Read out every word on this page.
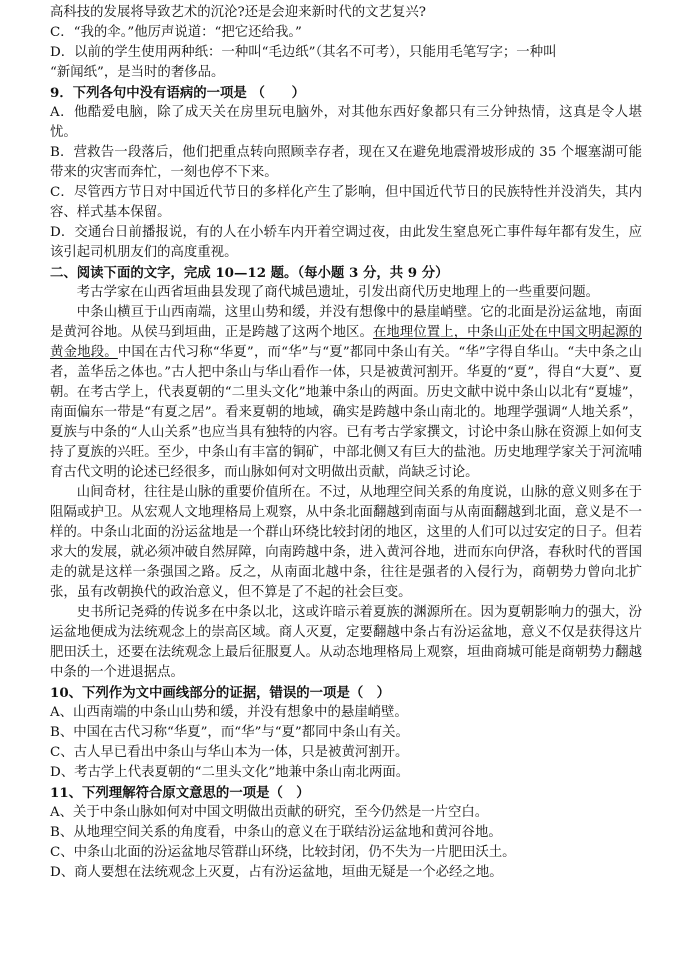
高科技的发展将导致艺术的沉沦?还是会迎来新时代的文艺复兴?

C．“我的伞。”他厉声说道：“把它还给我。”

D．以前的学生使用两种纸：一种叫“毛边纸”（其名不可考），只能用毛笔写字；一种叫

“新闻纸”，是当时的奢侈品。

9．下列各句中没有语病的一项是 （　　）

A．他酷爱电脑，除了成天关在房里玩电脑外，对其他东西好象都只有三分钟热情，这真是令人堪忧。

B．营救告一段落后，他们把重点转向照顾幸存者，现在又在避免地震滑坡形成的 35 个堰塞湖可能带来的灾害而奔忙，一刻也停不下来。

C．尽管西方节日对中国近代节日的多样化产生了影响，但中国近代节日的民族特性并没消失，其内容、样式基本保留。

D．交通台日前播报说，有的人在小轿车内开着空调过夜，由此发生窒息死亡事件每年都有发生，应该引起司机朋友们的高度重视。

二、阅读下面的文字，完成 10—12 题。（每小题 3 分，共 9 分）

考古学家在山西省垣曲县发现了商代城邑遗址，引发出商代历史地理上的一些重要问题。

中条山横亘于山西南端，这里山势和缓，并没有想像中的悬崖峭壁。它的北面是汾运盆地，南面是黄河谷地。从侯马到垣曲，正是跨越了这两个地区。在地理位置上，中条山正处在中国文明起源的黄金地段。中国在古代习称“华夏”，而“华”与“夏”都同中条山有关。“华”字得自华山。“夫中条之山者，盖华岳之体也。”古人把中条山与华山看作一体，只是被黄河割开。华夏的“夏”，得自“大夏”、夏朝。在考古学上，代表夏朝的“二里头文化”地兼中条山的两面。历史文献中说中条山以北有“夏墟”，南面偏东一带是“有夏之居”。看来夏朝的地域，确实是跨越中条山南北的。地理学强调“人地关系”，夏族与中条的“人山关系”也应当具有独特的内容。已有考古学家撰文，讨论中条山脉在资源上如何支持了夏族的兴旺。至少，中条山有丰富的铜矿，中部北侧又有巨大的盐池。历史地理学家关于河流哺育古代文明的论述已经很多，而山脉如何对文明做出贡献，尚缺乏讨论。

山间奇材，往往是山脉的重要价值所在。不过，从地理空间关系的角度说，山脉的意义则多在于阻隔或护卫。从宏观人文地理格局上观察，从中条北面翻越到南面与从南面翻越到北面，意义是不一样的。中条山北面的汾运盆地是一个群山环绕比较封闭的地区，这里的人们可以过安定的日子。但若求大的发展，就必须冲破自然屏障，向南跨越中条，进入黄河谷地，进而东向伊洛，春秋时代的晋国走的就是这样一条强国之路。反之，从南面北越中条，往往是强者的入侵行为，商朝势力曾向北扩张，虽有改朝换代的政治意义，但不算是了不起的社会巨变。

史书所记尧舜的传说多在中条以北，这或许暗示着夏族的渊源所在。因为夏朝影响力的强大，汾运盆地便成为法统观念上的崇高区域。商人灭夏，定要翻越中条占有汾运盆地，意义不仅是获得这片肥田沃土，还要在法统观念上最后征服夏人。从动态地理格局上观察，垣曲商城可能是商朝势力翻越中条的一个进退据点。

10、下列作为文中画线部分的证据，错误的一项是（　）

A、山西南端的中条山山势和缓，并没有想象中的悬崖峭壁。

B、中国在古代习称“华夏”，而“华”与“夏”都同中条山有关。

C、古人早已看出中条山与华山本为一体，只是被黄河割开。

D、考古学上代表夏朝的“二里头文化”地兼中条山南北两面。

11、下列理解符合原文意思的一项是（　）

A、关于中条山脉如何对中国文明做出贡献的研究，至今仍然是一片空白。

B、从地理空间关系的角度看，中条山的意义在于联结汾运盆地和黄河谷地。

C、中条山北面的汾运盆地尽管群山环绕，比较封闭，仍不失为一片肥田沃土。

D、商人要想在法统观念上灭夏，占有汾运盆地，垣曲无疑是一个必经之地。
